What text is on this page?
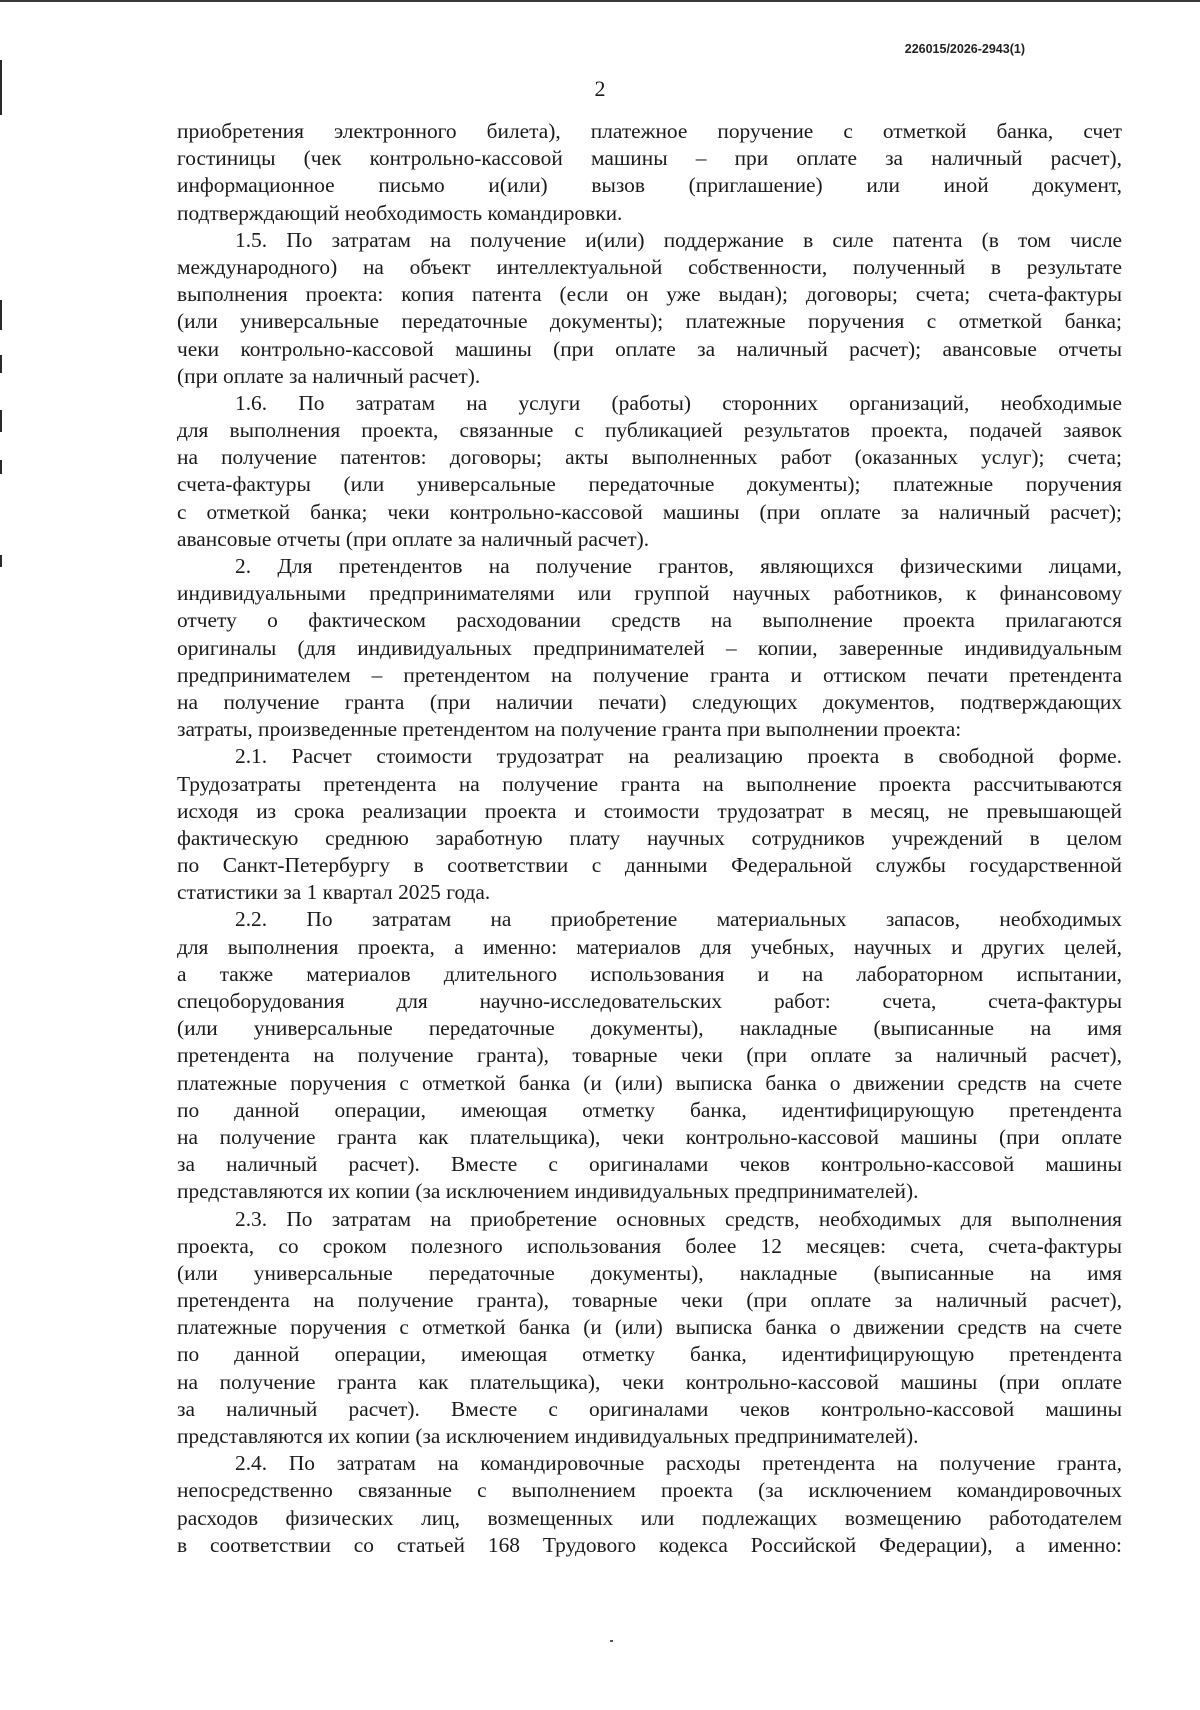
226015/2026-2943(1)
2
приобретения электронного билета), платежное поручение с отметкой банка, счет
гостиницы (чек контрольно-кассовой машины – при оплате за наличный расчет),
информационное письмо и(или) вызов (приглашение) или иной документ,
подтверждающий необходимость командировки.
1.5. По затратам на получение и(или) поддержание в силе патента (в том числе
международного) на объект интеллектуальной собственности, полученный в результате
выполнения проекта: копия патента (если он уже выдан); договоры; счета; счета-фактуры
(или универсальные передаточные документы); платежные поручения с отметкой банка;
чеки контрольно-кассовой машины (при оплате за наличный расчет); авансовые отчеты
(при оплате за наличный расчет).
1.6. По затратам на услуги (работы) сторонних организаций, необходимые
для выполнения проекта, связанные с публикацией результатов проекта, подачей заявок
на получение патентов: договоры; акты выполненных работ (оказанных услуг); счета;
счета-фактуры (или универсальные передаточные документы); платежные поручения
с отметкой банка; чеки контрольно-кассовой машины (при оплате за наличный расчет);
авансовые отчеты (при оплате за наличный расчет).
2. Для претендентов на получение грантов, являющихся физическими лицами,
индивидуальными предпринимателями или группой научных работников, к финансовому
отчету о фактическом расходовании средств на выполнение проекта прилагаются
оригиналы (для индивидуальных предпринимателей – копии, заверенные индивидуальным
предпринимателем – претендентом на получение гранта и оттиском печати претендента
на получение гранта (при наличии печати) следующих документов, подтверждающих
затраты, произведенные претендентом на получение гранта при выполнении проекта:
2.1. Расчет стоимости трудозатрат на реализацию проекта в свободной форме.
Трудозатраты претендента на получение гранта на выполнение проекта рассчитываются
исходя из срока реализации проекта и стоимости трудозатрат в месяц, не превышающей
фактическую среднюю заработную плату научных сотрудников учреждений в целом
по Санкт-Петербургу в соответствии с данными Федеральной службы государственной
статистики за 1 квартал 2025 года.
2.2. По затратам на приобретение материальных запасов, необходимых
для выполнения проекта, а именно: материалов для учебных, научных и других целей,
а также материалов длительного использования и на лабораторном испытании,
спецоборудования для научно-исследовательских работ: счета, счета-фактуры
(или универсальные передаточные документы), накладные (выписанные на имя
претендента на получение гранта), товарные чеки (при оплате за наличный расчет),
платежные поручения с отметкой банка (и (или) выписка банка о движении средств на счете
по данной операции, имеющая отметку банка, идентифицирующую претендента
на получение гранта как плательщика), чеки контрольно-кассовой машины (при оплате
за наличный расчет). Вместе с оригиналами чеков контрольно-кассовой машины
представляются их копии (за исключением индивидуальных предпринимателей).
2.3. По затратам на приобретение основных средств, необходимых для выполнения
проекта, со сроком полезного использования более 12 месяцев: счета, счета-фактуры
(или универсальные передаточные документы), накладные (выписанные на имя
претендента на получение гранта), товарные чеки (при оплате за наличный расчет),
платежные поручения с отметкой банка (и (или) выписка банка о движении средств на счете
по данной операции, имеющая отметку банка, идентифицирующую претендента
на получение гранта как плательщика), чеки контрольно-кассовой машины (при оплате
за наличный расчет). Вместе с оригиналами чеков контрольно-кассовой машины
представляются их копии (за исключением индивидуальных предпринимателей).
2.4. По затратам на командировочные расходы претендента на получение гранта,
непосредственно связанные с выполнением проекта (за исключением командировочных
расходов физических лиц, возмещенных или подлежащих возмещению работодателем
в соответствии со статьей 168 Трудового кодекса Российской Федерации), а именно:
